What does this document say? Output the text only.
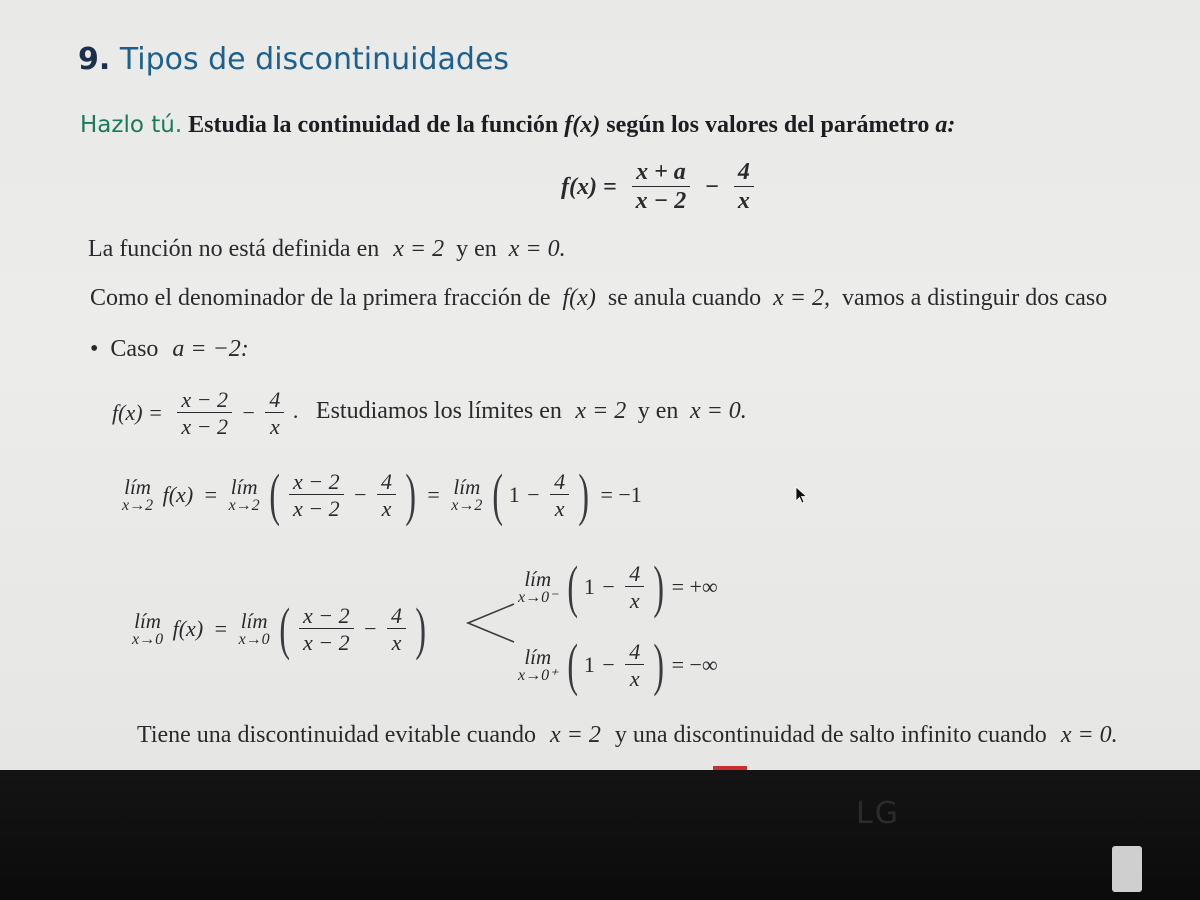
9. Tipos de discontinuidades
Hazlo tú. Estudia la continuidad de la función f(x) según los valores del parámetro a:
$f(x) = \frac{x + a}{x - 2} - \frac{4}{x}$
La función no está definida en x = 2 y en x = 0.
Como el denominador de la primera fracción de f(x) se anula cuando x = 2, vamos a distinguir dos caso
• Caso a = −2:
$f(x) = \frac{x - 2}{x - 2} - \frac{4}{x}$ . Estudiamos los límites en x = 2 y en x = 0.
lím
x→2 f(x) = lím
x→2 ( $\frac{x - 2}{x - 2} - \frac{4}{x}$ ) = lím
x→2 ( $1 - \frac{4}{x}$ ) = −1
lím
x→0 f(x) = lím
x→0 ( $\frac{x - 2}{x - 2} - \frac{4}{x}$ )
lím
x→0⁻ ( $1 - \frac{4}{x}$ ) = +∞
lím
x→0⁺ ( $1 - \frac{4}{x}$ ) = −∞
Tiene una discontinuidad evitable cuando x = 2 y una discontinuidad de salto infinito cuando x = 0.
LG
